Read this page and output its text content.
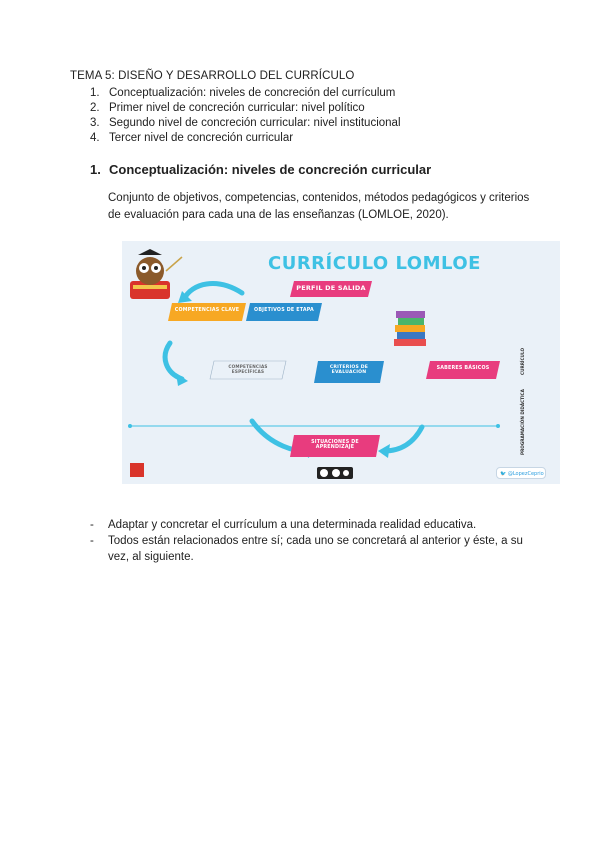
TEMA 5: DISEÑO Y DESARROLLO DEL CURRÍCULO
1. Conceptualización: niveles de concreción del currículum
2. Primer nivel de concreción curricular: nivel político
3. Segundo nivel de concreción curricular: nivel institucional
4. Tercer nivel de concreción curricular
1. Conceptualización: niveles de concreción curricular
Conjunto de objetivos, competencias, contenidos, métodos pedagógicos y criterios de evaluación para cada una de las enseñanzas (LOMLOE, 2020).
CURRÍCULO LOMLOE
PERFIL DE SALIDA
COMPETENCIAS CLAVE	OBJETIVOS DE ETAPA
COMPETENCIAS ESPECÍFICAS
CRITERIOS DE EVALUACIÓN
SABERES BÁSICOS
SITUACIONES DE APRENDIZAJE
CURRÍCULO
PROGRAMACIÓN DIDÁCTICA
🐦 @LopezCeprio
- Adaptar y concretar el currículum a una determinada realidad educativa.
- Todos están relacionados entre sí; cada uno se concretará al anterior y éste, a su vez, al siguiente.
